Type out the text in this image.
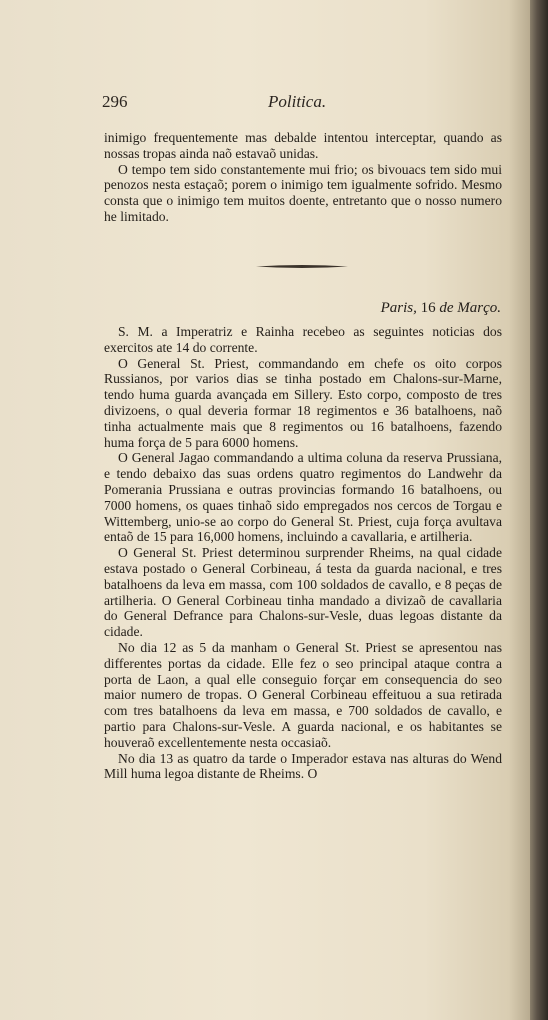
296	Politica.

inimigo frequentemente mas debalde intentou interceptar, quando as nossas tropas ainda naõ estavaõ unidas.

O tempo tem sido constantemente mui frio; os bivouacs tem sido mui penozos nesta estaçaõ; porem o inimigo tem igualmente sofrido. Mesmo consta que o inimigo tem muitos doente, entretanto que o nosso numero he limitado.

Paris, 16 de Março.

S. M. a Imperatriz e Rainha recebeo as seguintes noticias dos exercitos ate 14 do corrente.

O General St. Priest, commandando em chefe os oito corpos Russianos, por varios dias se tinha postado em Chalons-sur-Marne, tendo huma guarda avançada em Sillery. Esto corpo, composto de tres divizoens, o qual deveria formar 18 regimentos e 36 batalhoens, naõ tinha actualmente mais que 8 regimentos ou 16 batalhoens, fazendo huma força de 5 para 6000 homens.

O General Jagao commandando a ultima coluna da reserva Prussiana, e tendo debaixo das suas ordens quatro regimentos do Landwehr da Pomerania Prussiana e outras provincias formando 16 batalhoens, ou 7000 homens, os quaes tinhaõ sido empregados nos cercos de Torgau e Wittemberg, unio-se ao corpo do General St. Priest, cuja força avultava entaõ de 15 para 16,000 homens, incluindo a cavallaria, e artilheria.

O General St. Priest determinou surprender Rheims, na qual cidade estava postado o General Corbineau, á testa da guarda nacional, e tres batalhoens da leva em massa, com 100 soldados de cavallo, e 8 peças de artilheria. O General Corbineau tinha mandado a divizaõ de cavallaria do General Defrance para Chalons-sur-Vesle, duas legoas distante da cidade.

No dia 12 as 5 da manham o General St. Priest se apresentou nas differentes portas da cidade. Elle fez o seo principal ataque contra a porta de Laon, a qual elle conseguio forçar em consequencia do seo maior numero de tropas. O General Corbineau effeituou a sua retirada com tres batalhoens da leva em massa, e 700 soldados de cavallo, e partio para Chalons-sur-Vesle. A guarda nacional, e os habitantes se houveraõ excellentemente nesta occasiaõ.

No dia 13 as quatro da tarde o Imperador estava nas alturas do Wend Mill huma legoa distante de Rheims. O
